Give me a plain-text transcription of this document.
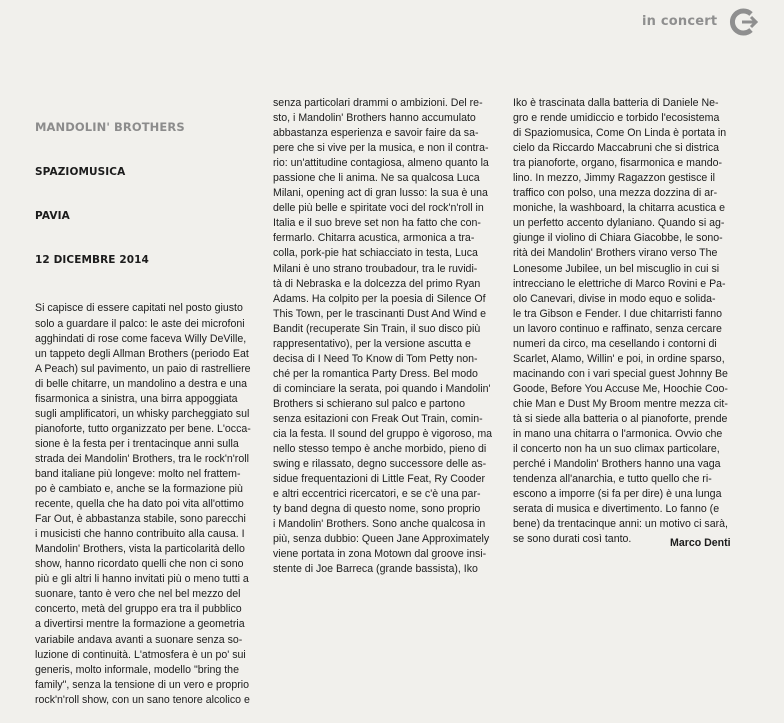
in concert

MANDOLIN' BROTHERS

SPAZIOMUSICA

PAVIA

12 DICEMBRE 2014

Si capisce di essere capitati nel posto giusto
solo a guardare il palco: le aste dei microfoni
agghindati di rose come faceva Willy DeVille,
un tappeto degli Allman Brothers (periodo Eat
A Peach) sul pavimento, un paio di rastrelliere
di belle chitarre, un mandolino a destra e una
fisarmonica a sinistra, una birra appoggiata
sugli amplificatori, un whisky parcheggiato sul
pianoforte, tutto organizzato per bene. L'occa-
sione è la festa per i trentacinque anni sulla
strada dei Mandolin' Brothers, tra le rock'n'roll
band italiane più longeve: molto nel frattem-
po è cambiato e, anche se la formazione più
recente, quella che ha dato poi vita all'ottimo
Far Out, è abbastanza stabile, sono parecchi
i musicisti che hanno contribuito alla causa. I
Mandolin' Brothers, vista la particolarità dello
show, hanno ricordato quelli che non ci sono
più e gli altri li hanno invitati più o meno tutti a
suonare, tanto è vero che nel bel mezzo del
concerto, metà del gruppo era tra il pubblico
a divertirsi mentre la formazione a geometria
variabile andava avanti a suonare senza so-
luzione di continuità. L'atmosfera è un po' sui
generis, molto informale, modello "bring the
family", senza la tensione di un vero e proprio
rock'n'roll show, con un sano tenore alcolico e

senza particolari drammi o ambizioni. Del re-
sto, i Mandolin' Brothers hanno accumulato
abbastanza esperienza e savoir faire da sa-
pere che si vive per la musica, e non il contra-
rio: un'attitudine contagiosa, almeno quanto la
passione che li anima. Ne sa qualcosa Luca
Milani, opening act di gran lusso: la sua è una
delle più belle e spiritate voci del rock'n'roll in
Italia e il suo breve set non ha fatto che con-
fermarlo. Chitarra acustica, armonica a tra-
colla, pork-pie hat schiacciato in testa, Luca
Milani è uno strano troubadour, tra le ruvidi-
tà di Nebraska e la dolcezza del primo Ryan
Adams. Ha colpito per la poesia di Silence Of
This Town, per le trascinanti Dust And Wind e
Bandit (recuperate Sin Train, il suo disco più
rappresentativo), per la versione ascutta e
decisa di I Need To Know di Tom Petty non-
ché per la romantica Party Dress. Bel modo
di cominciare la serata, poi quando i Mandolin'
Brothers si schierano sul palco e partono
senza esitazioni con Freak Out Train, comin-
cia la festa. Il sound del gruppo è vigoroso, ma
nello stesso tempo è anche morbido, pieno di
swing e rilassato, degno successore delle as-
sidue frequentazioni di Little Feat, Ry Cooder
e altri eccentrici ricercatori, e se c'è una par-
ty band degna di questo nome, sono proprio
i Mandolin' Brothers. Sono anche qualcosa in
più, senza dubbio: Queen Jane Approximately
viene portata in zona Motown dal groove insi-
stente di Joe Barreca (grande bassista), Iko
Iko è trascinata dalla batteria di Daniele Ne-
gro e rende umidiccio e torbido l'ecosistema
di Spaziomusica, Come On Linda è portata in
cielo da Riccardo Maccabruni che si districa
tra pianoforte, organo, fisarmonica e mando-
lino. In mezzo, Jimmy Ragazzon gestisce il
traffico con polso, una mezza dozzina di ar-
moniche, la washboard, la chitarra acustica e
un perfetto accento dylaniano. Quando si ag-
giunge il violino di Chiara Giacobbe, le sono-
rità dei Mandolin' Brothers virano verso The
Lonesome Jubilee, un bel miscuglio in cui si
intrecciano le elettriche di Marco Rovini e Pa-
olo Canevari, divise in modo equo e solida-
le tra Gibson e Fender. I due chitarristi fanno
un lavoro continuo e raffinato, senza cercare
numeri da circo, ma cesellando i contorni di
Scarlet, Alamo, Willin' e poi, in ordine sparso,
macinando con i vari special guest Johnny Be
Goode, Before You Accuse Me, Hoochie Coo-
chie Man e Dust My Broom mentre mezza cit-
tà si siede alla batteria o al pianoforte, prende
in mano una chitarra o l'armonica. Ovvio che
il concerto non ha un suo climax particolare,
perché i Mandolin' Brothers hanno una vaga
tendenza all'anarchia, e tutto quello che ri-
escono a imporre (si fa per dire) è una lunga
serata di musica e divertimento. Lo fanno (e
bene) da trentacinque anni: un motivo ci sarà,
se sono durati così tanto.	Marco Denti
